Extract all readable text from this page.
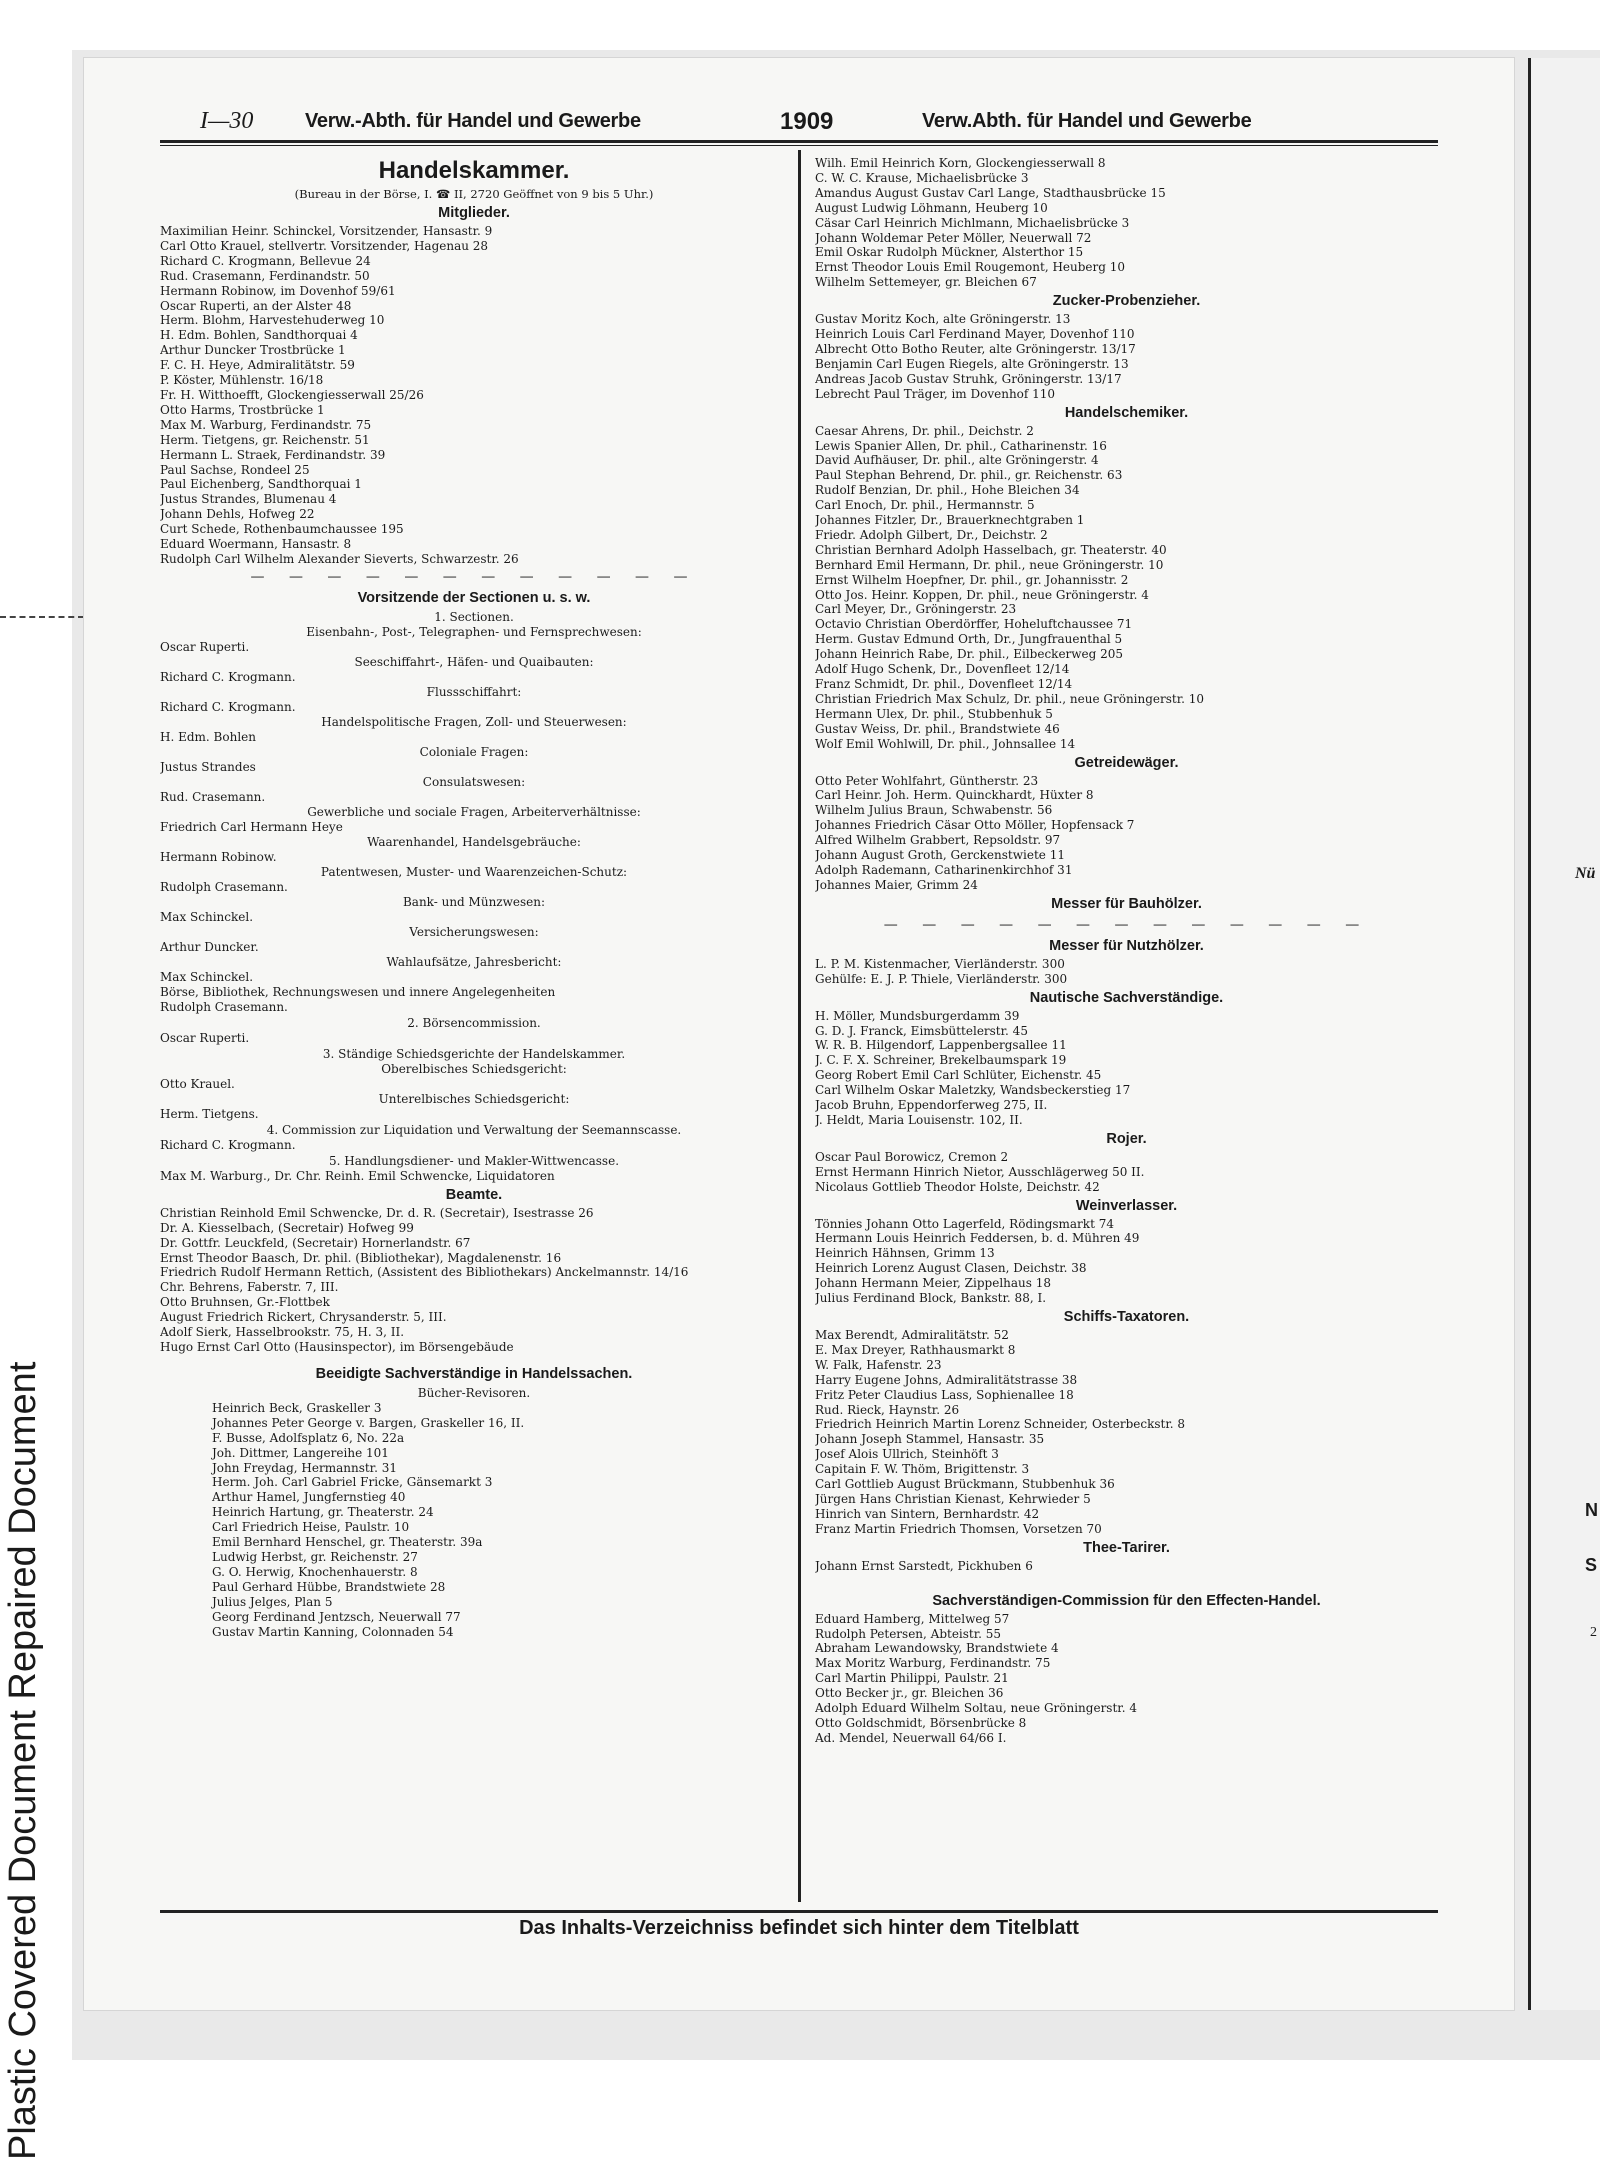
Plastic Covered Document Repaired Document
Nü
N
S
2
I—30	Verw.-Abth. für Handel und Gewerbe	1909	Verw.Abth. für Handel und Gewerbe
Handelskammer.
(Bureau in der Börse, I. ☎ II, 2720 Geöffnet von 9 bis 5 Uhr.)
Mitglieder.
Maximilian Heinr. Schinckel, Vorsitzender, Hansastr. 9
Carl Otto Krauel, stellvertr. Vorsitzender, Hagenau 28
Richard C. Krogmann, Bellevue 24
Rud. Crasemann, Ferdinandstr. 50
Hermann Robinow, im Dovenhof 59/61
Oscar Ruperti, an der Alster 48
Herm. Blohm, Harvestehuderweg 10
H. Edm. Bohlen, Sandthorquai 4
Arthur Duncker Trostbrücke 1
F. C. H. Heye, Admiralitätstr. 59
P. Köster, Mühlenstr. 16/18
Fr. H. Witthoefft, Glockengiesserwall 25/26
Otto Harms, Trostbrücke 1
Max M. Warburg, Ferdinandstr. 75
Herm. Tietgens, gr. Reichenstr. 51
Hermann L. Straek, Ferdinandstr. 39
Paul Sachse, Rondeel 25
Paul Eichenberg, Sandthorquai 1
Justus Strandes, Blumenau 4
Johann Dehls, Hofweg 22
Curt Schede, Rothenbaumchaussee 195
Eduard Woermann, Hansastr. 8
Rudolph Carl Wilhelm Alexander Sieverts, Schwarzestr. 26
— — — — — — — — — — — —
Vorsitzende der Sectionen u. s. w.
1. Sectionen.
Eisenbahn-, Post-, Telegraphen- und Fernsprechwesen:
Oscar Ruperti.
Seeschiffahrt-, Häfen- und Quaibauten:
Richard C. Krogmann.
Flussschiffahrt:
Richard C. Krogmann.
Handelspolitische Fragen, Zoll- und Steuerwesen:
H. Edm. Bohlen
Coloniale Fragen:
Justus Strandes
Consulatswesen:
Rud. Crasemann.
Gewerbliche und sociale Fragen, Arbeiterverhältnisse:
Friedrich Carl Hermann Heye
Waarenhandel, Handelsgebräuche:
Hermann Robinow.
Patentwesen, Muster- und Waarenzeichen-Schutz:
Rudolph Crasemann.
Bank- und Münzwesen:
Max Schinckel.
Versicherungswesen:
Arthur Duncker.
Wahlaufsätze, Jahresbericht:
Max Schinckel.
Börse, Bibliothek, Rechnungswesen und innere Angelegenheiten
Rudolph Crasemann.
2. Börsencommission.
Oscar Ruperti.
3. Ständige Schiedsgerichte der Handelskammer.
Oberelbisches Schiedsgericht:
Otto Krauel.
Unterelbisches Schiedsgericht:
Herm. Tietgens.
4. Commission zur Liquidation und Verwaltung der Seemannscasse.
Richard C. Krogmann.
5. Handlungsdiener- und Makler-Wittwencasse.
Max M. Warburg., Dr. Chr. Reinh. Emil Schwencke, Liquidatoren
Beamte.
Christian Reinhold Emil Schwencke, Dr. d. R. (Secretair), Isestrasse 26
Dr. A. Kiesselbach, (Secretair) Hofweg 99
Dr. Gottfr. Leuckfeld, (Secretair) Hornerlandstr. 67
Ernst Theodor Baasch, Dr. phil. (Bibliothekar), Magdalenenstr. 16
Friedrich Rudolf Hermann Rettich, (Assistent des Bibliothekars) Anckelmannstr. 14/16
Chr. Behrens, Faberstr. 7, III.
Otto Bruhnsen, Gr.-Flottbek
August Friedrich Rickert, Chrysanderstr. 5, III.
Adolf Sierk, Hasselbrookstr. 75, H. 3, II.
Hugo Ernst Carl Otto (Hausinspector), im Börsengebäude
Beeidigte Sachverständige in Handelssachen.
Bücher-Revisoren.
Heinrich Beck, Graskeller 3
Johannes Peter George v. Bargen, Graskeller 16, II.
F. Busse, Adolfsplatz 6, No. 22a
Joh. Dittmer, Langereihe 101
John Freydag, Hermannstr. 31
Herm. Joh. Carl Gabriel Fricke, Gänsemarkt 3
Arthur Hamel, Jungfernstieg 40
Heinrich Hartung, gr. Theaterstr. 24
Carl Friedrich Heise, Paulstr. 10
Emil Bernhard Henschel, gr. Theaterstr. 39a
Ludwig Herbst, gr. Reichenstr. 27
G. O. Herwig, Knochenhauerstr. 8
Paul Gerhard Hübbe, Brandstwiete 28
Julius Jelges, Plan 5
Georg Ferdinand Jentzsch, Neuerwall 77
Gustav Martin Kanning, Colonnaden 54
Wilh. Emil Heinrich Korn, Glockengiesserwall 8
C. W. C. Krause, Michaelisbrücke 3
Amandus August Gustav Carl Lange, Stadthausbrücke 15
August Ludwig Löhmann, Heuberg 10
Cäsar Carl Heinrich Michlmann, Michaelisbrücke 3
Johann Woldemar Peter Möller, Neuerwall 72
Emil Oskar Rudolph Mückner, Alsterthor 15
Ernst Theodor Louis Emil Rougemont, Heuberg 10
Wilhelm Settemeyer, gr. Bleichen 67
Zucker-Probenzieher.
Gustav Moritz Koch, alte Gröningerstr. 13
Heinrich Louis Carl Ferdinand Mayer, Dovenhof 110
Albrecht Otto Botho Reuter, alte Gröningerstr. 13/17
Benjamin Carl Eugen Riegels, alte Gröningerstr. 13
Andreas Jacob Gustav Struhk, Gröningerstr. 13/17
Lebrecht Paul Träger, im Dovenhof 110
Handelschemiker.
Caesar Ahrens, Dr. phil., Deichstr. 2
Lewis Spanier Allen, Dr. phil., Catharinenstr. 16
David Aufhäuser, Dr. phil., alte Gröningerstr. 4
Paul Stephan Behrend, Dr. phil., gr. Reichenstr. 63
Rudolf Benzian, Dr. phil., Hohe Bleichen 34
Carl Enoch, Dr. phil., Hermannstr. 5
Johannes Fitzler, Dr., Brauerknechtgraben 1
Friedr. Adolph Gilbert, Dr., Deichstr. 2
Christian Bernhard Adolph Hasselbach, gr. Theaterstr. 40
Bernhard Emil Hermann, Dr. phil., neue Gröningerstr. 10
Ernst Wilhelm Hoepfner, Dr. phil., gr. Johannisstr. 2
Otto Jos. Heinr. Koppen, Dr. phil., neue Gröningerstr. 4
Carl Meyer, Dr., Gröningerstr. 23
Octavio Christian Oberdörffer, Hoheluftchaussee 71
Herm. Gustav Edmund Orth, Dr., Jungfrauenthal 5
Johann Heinrich Rabe, Dr. phil., Eilbeckerweg 205
Adolf Hugo Schenk, Dr., Dovenfleet 12/14
Franz Schmidt, Dr. phil., Dovenfleet 12/14
Christian Friedrich Max Schulz, Dr. phil., neue Gröningerstr. 10
Hermann Ulex, Dr. phil., Stubbenhuk 5
Gustav Weiss, Dr. phil., Brandstwiete 46
Wolf Emil Wohlwill, Dr. phil., Johnsallee 14
Getreidewäger.
Otto Peter Wohlfahrt, Güntherstr. 23
Carl Heinr. Joh. Herm. Quinckhardt, Hüxter 8
Wilhelm Julius Braun, Schwabenstr. 56
Johannes Friedrich Cäsar Otto Möller, Hopfensack 7
Alfred Wilhelm Grabbert, Repsoldstr. 97
Johann August Groth, Gerckenstwiete 11
Adolph Rademann, Catharinenkirchhof 31
Johannes Maier, Grimm 24
Messer für Bauhölzer.
— — — — — — — — — — — — —
Messer für Nutzhölzer.
L. P. M. Kistenmacher, Vierländerstr. 300
Gehülfe: E. J. P. Thiele, Vierländerstr. 300
Nautische Sachverständige.
H. Möller, Mundsburgerdamm 39
G. D. J. Franck, Eimsbüttelerstr. 45
W. R. B. Hilgendorf, Lappenbergsallee 11
J. C. F. X. Schreiner, Brekelbaumspark 19
Georg Robert Emil Carl Schlüter, Eichenstr. 45
Carl Wilhelm Oskar Maletzky, Wandsbeckerstieg 17
Jacob Bruhn, Eppendorferweg 275, II.
J. Heldt, Maria Louisenstr. 102, II.
Rojer.
Oscar Paul Borowicz, Cremon 2
Ernst Hermann Hinrich Nietor, Ausschlägerweg 50 II.
Nicolaus Gottlieb Theodor Holste, Deichstr. 42
Weinverlasser.
Tönnies Johann Otto Lagerfeld, Rödingsmarkt 74
Hermann Louis Heinrich Feddersen, b. d. Mühren 49
Heinrich Hähnsen, Grimm 13
Heinrich Lorenz August Clasen, Deichstr. 38
Johann Hermann Meier, Zippelhaus 18
Julius Ferdinand Block, Bankstr. 88, I.
Schiffs-Taxatoren.
Max Berendt, Admiralitätstr. 52
E. Max Dreyer, Rathhausmarkt 8
W. Falk, Hafenstr. 23
Harry Eugene Johns, Admiralitätstrasse 38
Fritz Peter Claudius Lass, Sophienallee 18
Rud. Rieck, Haynstr. 26
Friedrich Heinrich Martin Lorenz Schneider, Osterbeckstr. 8
Johann Joseph Stammel, Hansastr. 35
Josef Alois Ullrich, Steinhöft 3
Capitain F. W. Thöm, Brigittenstr. 3
Carl Gottlieb August Brückmann, Stubbenhuk 36
Jürgen Hans Christian Kienast, Kehrwieder 5
Hinrich van Sintern, Bernhardstr. 42
Franz Martin Friedrich Thomsen, Vorsetzen 70
Thee-Tarirer.
Johann Ernst Sarstedt, Pickhuben 6
Sachverständigen-Commission für den Effecten-Handel.
Eduard Hamberg, Mittelweg 57
Rudolph Petersen, Abteistr. 55
Abraham Lewandowsky, Brandstwiete 4
Max Moritz Warburg, Ferdinandstr. 75
Carl Martin Philippi, Paulstr. 21
Otto Becker jr., gr. Bleichen 36
Adolph Eduard Wilhelm Soltau, neue Gröningerstr. 4
Otto Goldschmidt, Börsenbrücke 8
Ad. Mendel, Neuerwall 64/66 I.
Das Inhalts-Verzeichniss befindet sich hinter dem Titelblatt
